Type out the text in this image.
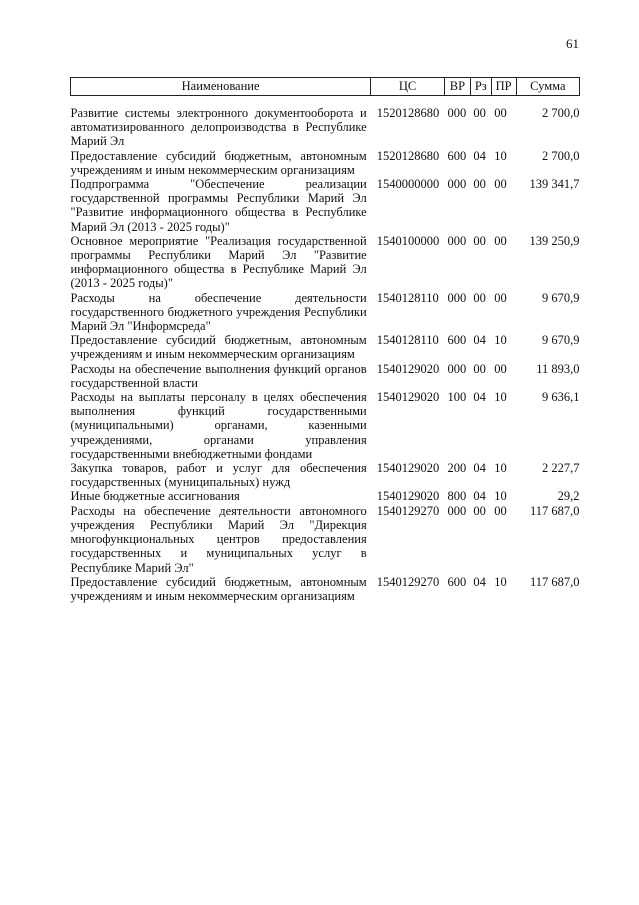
61
Наименование	ЦС	ВР	Рз	ПР	Сумма
Развитие системы электронного документооборота и автоматизированного делопроизводства в Республике Марий Эл	1520128680	000	00	00	2 700,0
Предоставление субсидий бюджетным, автономным учреждениям и иным некоммерческим организациям	1520128680	600	04	10	2 700,0
Подпрограмма "Обеспечение реализации государственной программы Республики Марий Эл "Развитие информационного общества в Республике Марий Эл (2013 - 2025 годы)"	1540000000	000	00	00	139 341,7
Основное мероприятие "Реализация государственной программы Республики Марий Эл "Развитие информационного общества в Республике Марий Эл (2013 - 2025 годы)"	1540100000	000	00	00	139 250,9
Расходы на обеспечение деятельности государственного бюджетного учреждения Республики Марий Эл "Информсреда"	1540128110	000	00	00	9 670,9
Предоставление субсидий бюджетным, автономным учреждениям и иным некоммерческим организациям	1540128110	600	04	10	9 670,9
Расходы на обеспечение выполнения функций органов государственной власти	1540129020	000	00	00	11 893,0
Расходы на выплаты персоналу в целях обеспечения выполнения функций государственными (муниципальными) органами, казенными учреждениями, органами управления государственными внебюджетными фондами	1540129020	100	04	10	9 636,1
Закупка товаров, работ и услуг для обеспечения государственных (муниципальных) нужд	1540129020	200	04	10	2 227,7
Иные бюджетные ассигнования	1540129020	800	04	10	29,2
Расходы на обеспечение деятельности автономного учреждения Республики Марий Эл "Дирекция многофункциональных центров предоставления государственных и муниципальных услуг в Республике Марий Эл"	1540129270	000	00	00	117 687,0
Предоставление субсидий бюджетным, автономным учреждениям и иным некоммерческим организациям	1540129270	600	04	10	117 687,0
